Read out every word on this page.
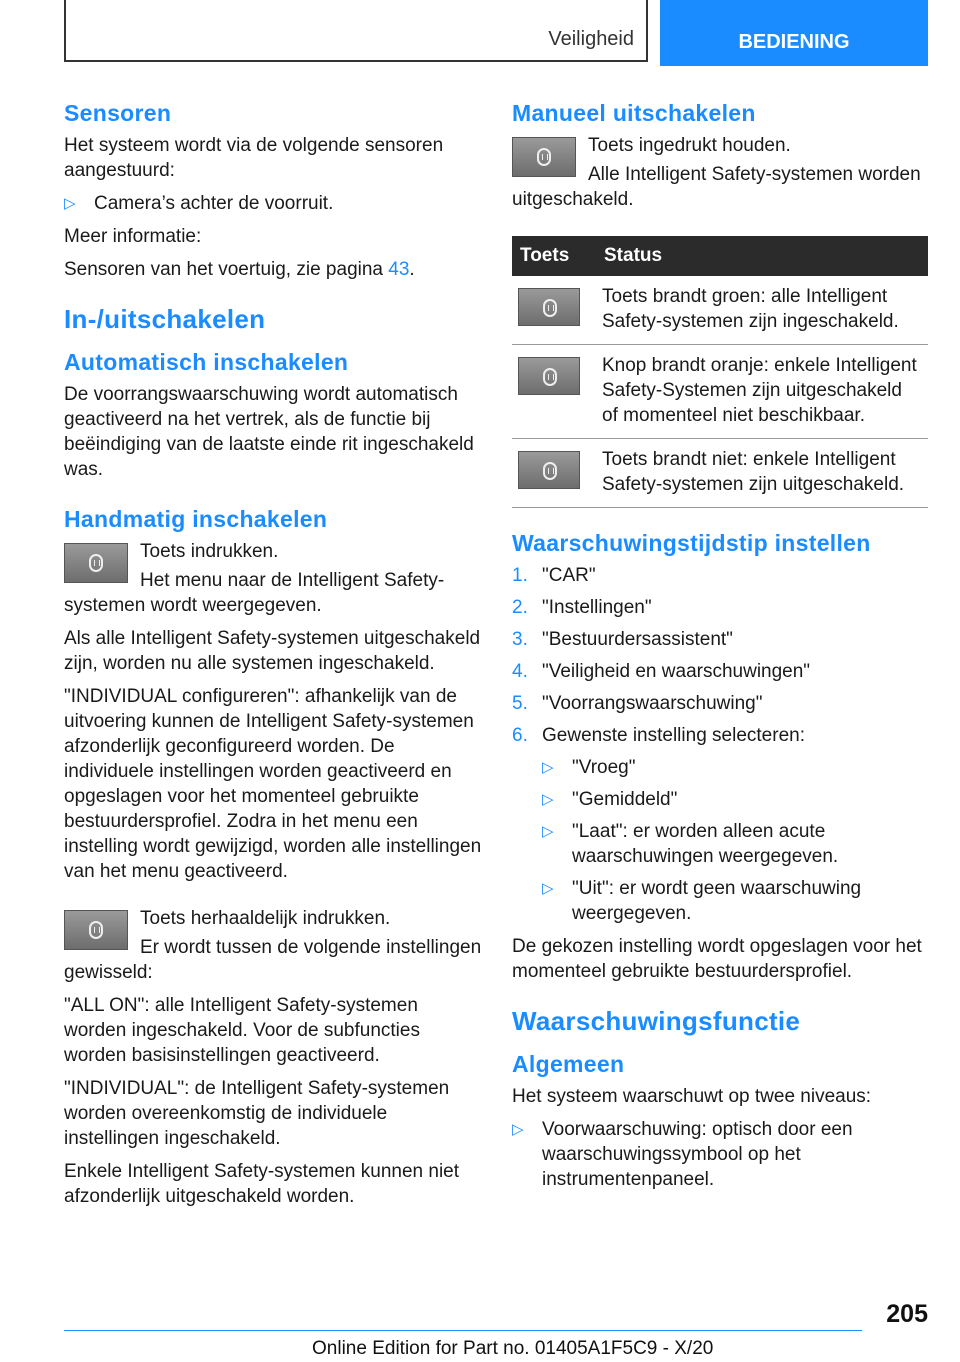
Veiligheid	BEDIENING
Sensoren

Het systeem wordt via de volgende sensoren aangestuurd:

▷ Camera’s achter de voorruit.

Meer informatie:

Sensoren van het voertuig, zie pagina 43.

In-/uitschakelen
Automatisch inschakelen

De voorrangswaarschuwing wordt automatisch geactiveerd na het vertrek, als de functie bij beëindiging van de laatste einde rit ingeschakeld was.

Handmatig inschakelen

Toets indrukken.

Het menu naar de Intelligent Safety-systemen wordt weergegeven.

Als alle Intelligent Safety-systemen uitgeschakeld zijn, worden nu alle systemen ingeschakeld.

"INDIVIDUAL configureren": afhankelijk van de uitvoering kunnen de Intelligent Safety-systemen afzonderlijk geconfigureerd worden. De individuele instellingen worden geactiveerd en opgeslagen voor het momenteel gebruikte bestuurdersprofiel. Zodra in het menu een instelling wordt gewijzigd, worden alle instellingen van het menu geactiveerd.

Toets herhaaldelijk indrukken.

Er wordt tussen de volgende instellingen gewisseld:

"ALL ON": alle Intelligent Safety-systemen worden ingeschakeld. Voor de subfuncties worden basisinstellingen geactiveerd.

"INDIVIDUAL": de Intelligent Safety-systemen worden overeenkomstig de individuele instellingen ingeschakeld.

Enkele Intelligent Safety-systemen kunnen niet afzonderlijk uitgeschakeld worden.

Manueel uitschakelen

Toets ingedrukt houden.

Alle Intelligent Safety-systemen worden uitgeschakeld.

Toets	Status

	Toets brandt groen: alle Intelligent Safety-systemen zijn ingeschakeld.

	Knop brandt oranje: enkele Intelligent Safety-Systemen zijn uitgeschakeld of momenteel niet beschikbaar.

	Toets brandt niet: enkele Intelligent Safety-systemen zijn uitgeschakeld.
Waarschuwingstijdstip instellen
1. "CAR"
2. "Instellingen"
3. "Bestuurdersassistent"
4. "Veiligheid en waarschuwingen"
5. "Voorrangswaarschuwing"
6. Gewenste instelling selecteren:
▷ "Vroeg"
▷ "Gemiddeld"
▷ "Laat": er worden alleen acute waarschuwingen weergegeven.
▷ "Uit": er wordt geen waarschuwing weergegeven.

De gekozen instelling wordt opgeslagen voor het momenteel gebruikte bestuurdersprofiel.

Waarschuwingsfunctie
Algemeen

Het systeem waarschuwt op twee niveaus:

▷ Voorwaarschuwing: optisch door een waarschuwingssymbool op het instrumentenpaneel.
205
Online Edition for Part no. 01405A1F5C9 - X/20
